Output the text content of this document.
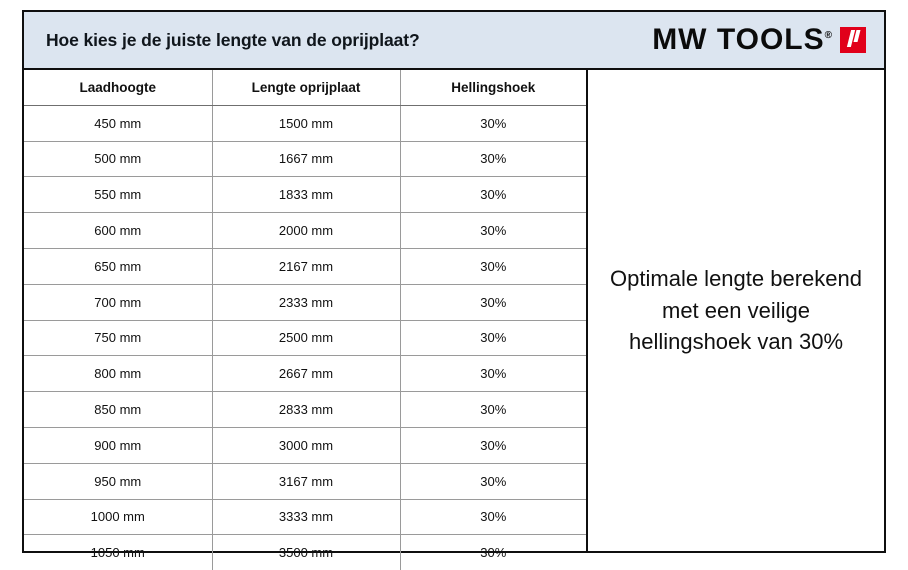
Hoe kies je de juiste lengte van de oprijplaat?	MW TOOLS®
Laadhoogte	Lengte oprijplaat	Hellingshoek
450 mm	1500 mm	30%
500 mm	1667 mm	30%
550 mm	1833 mm	30%
600 mm	2000 mm	30%
650 mm	2167 mm	30%
700 mm	2333 mm	30%
750 mm	2500 mm	30%
800 mm	2667 mm	30%
850 mm	2833 mm	30%
900 mm	3000 mm	30%
950 mm	3167 mm	30%
1000 mm	3333 mm	30%
1050 mm	3500 mm	30%
Optimale lengte berekend met een veilige hellingshoek van 30%
